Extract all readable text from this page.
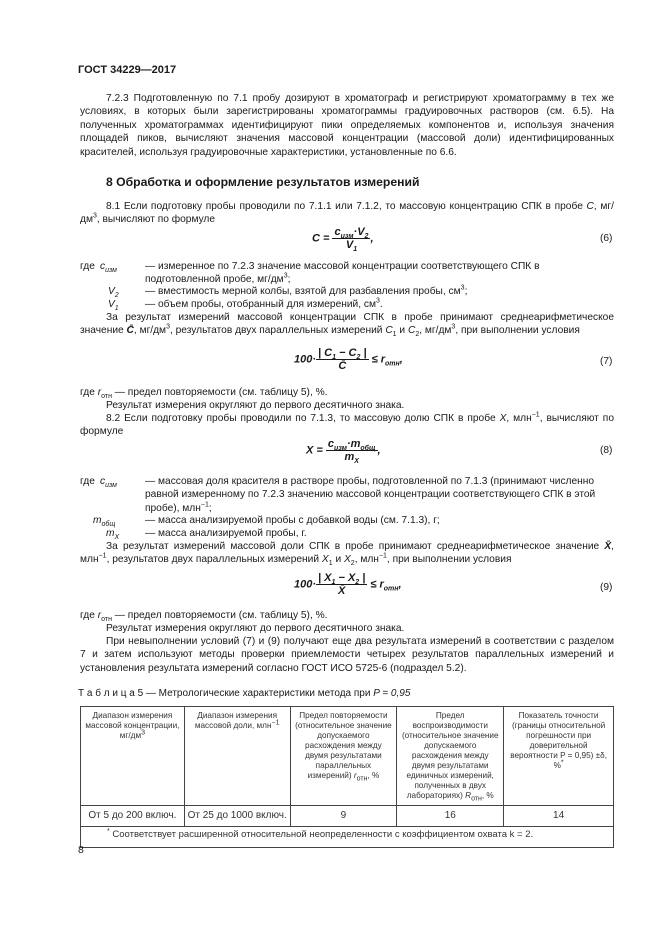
ГОСТ 34229—2017
7.2.3 Подготовленную по 7.1 пробу дозируют в хроматограф и регистрируют хроматограмму в тех же условиях, в которых были зарегистрированы хроматограммы градуировочных растворов (см. 6.5). На полученных хроматограммах идентифицируют пики определяемых компонентов и, используя значения площадей пиков, вычисляют значения массовой концентрации (массовой доли) идентифицированных красителей, используя градуировочные характеристики, установленные по 6.6.
8 Обработка и оформление результатов измерений
8.1 Если подготовку пробы проводили по 7.1.1 или 7.1.2, то массовую концентрацию СПК в пробе C, $мг/дм^3$, вычисляют по формуле
$C = \frac{c_{изм}\cdot V_2}{V_1}$ ,	(6)
где $c_{изм}$	— измеренное по 7.2.3 значение массовой концентрации соответствующего СПК в подготовленной пробе, $мг/дм^3$;
$V_2$	— вместимость мерной колбы, взятой для разбавления пробы, $см^3$;
$V_1$	— объем пробы, отобранный для измерений, $см^3$.
За результат измерений массовой концентрации СПК в пробе принимают среднеарифметическое значение C̄, $мг/дм^3$, результатов двух параллельных измерений $C_1$ и $C_2$, $мг/дм^3$, при выполнении условия
$100\cdot \frac{| C_1 - C_2 |}{C̄} \le r_{отн}$,	(7)
где $r_{отн}$ — предел повторяемости (см. таблицу 5), %.
Результат измерения округляют до первого десятичного знака.
8.2 Если подготовку пробы проводили по 7.1.3, то массовую долю СПК в пробе X, млн$^{-1}$, вычисляют по формуле
$X = \frac{c_{изм}\cdot m_{общ}}{m_X}$ ,	(8)
где $c_{изм}$	— массовая доля красителя в растворе пробы, подготовленной по 7.1.3 (принимают численно равной измеренному по 7.2.3 значению массовой концентрации соответствующего СПК в этой пробе), млн$^{-1}$;
$m_{общ}$	— масса анализируемой пробы с добавкой воды (см. 7.1.3), г;
$m_X$	— масса анализируемой пробы, г.
За результат измерений массовой доли СПК в пробе принимают среднеарифметическое значение X̄, млн$^{-1}$, результатов двух параллельных измерений $X_1$ и $X_2$, млн$^{-1}$, при выполнении условия
$100\cdot \frac{| X_1 - X_2 |}{X̄} \le r_{отн}$,	(9)
где $r_{отн}$ — предел повторяемости (см. таблицу 5), %.
Результат измерения округляют до первого десятичного знака.
При невыполнении условий (7) и (9) получают еще два результата измерений в соответствии с разделом 7 и затем используют методы проверки приемлемости четырех результатов параллельных измерений и установления результата измерений согласно ГОСТ ИСО 5725-6 (подраздел 5.2).
Т а б л и ц а 5 — Метрологические характеристики метода при P = 0,95
Диапазон измерения массовой концентрации, $мг/дм^3$	Диапазон измерения массовой доли, млн$^{-1}$	Предел повторяемости (относительное значение допускаемого расхождения между двумя результатами параллельных измерений) $r_{отн}$, %	Предел воспроизводимости (относительное значение допускаемого расхождения между двумя результатами единичных измерений, полученных в двух лабораториях) $R_{отн}$, %	Показатель точности (границы относительной погрешности при доверительной вероятности P = 0,95) ±δ, %*
От 5 до 200 включ.	От 25 до 1000 включ.	9	16	14
* Соответствует расширенной относительной неопределенности с коэффициентом охвата k = 2.				
8
